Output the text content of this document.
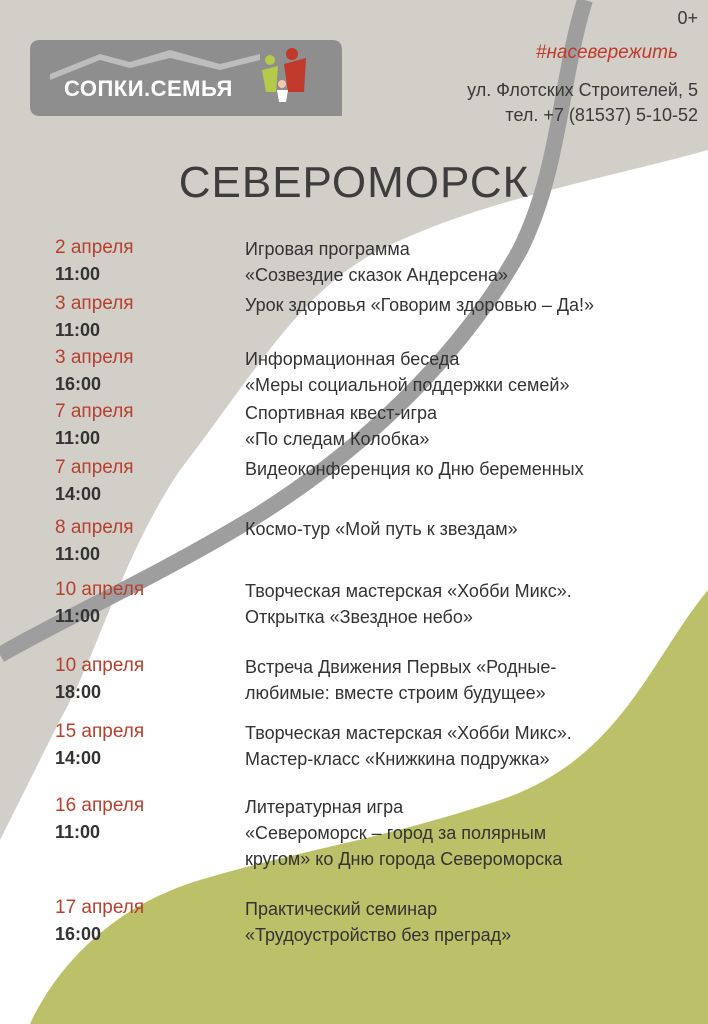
0+
СОПКИ.СЕМЬЯ
#насевережить
ул. Флотских Строителей, 5
тел. +7 (81537) 5-10-52
СЕВЕРОМОРСК
2 апреля
11:00
Игровая программа
«Созвездие сказок Андерсена»
3 апреля
11:00
Урок здоровья «Говорим здоровью – Да!»
3 апреля
16:00
Информационная беседа
«Меры социальной поддержки семей»
7 апреля
11:00
Спортивная квест-игра
«По следам Колобка»
7 апреля
14:00
Видеоконференция ко Дню беременных
8 апреля
11:00
Космо-тур «Мой путь к звездам»
10 апреля
11:00
Творческая мастерская «Хобби Микс».
Открытка «Звездное небо»
10 апреля
18:00
Встреча Движения Первых «Родные-
любимые: вместе строим будущее»
15 апреля
14:00
Творческая мастерская «Хобби Микс».
Мастер-класс «Книжкина подружка»
16 апреля
11:00
Литературная игра
«Североморск – город за полярным
кругом» ко Дню города Североморска
17 апреля
16:00
Практический семинар
«Трудоустройство без преград»
